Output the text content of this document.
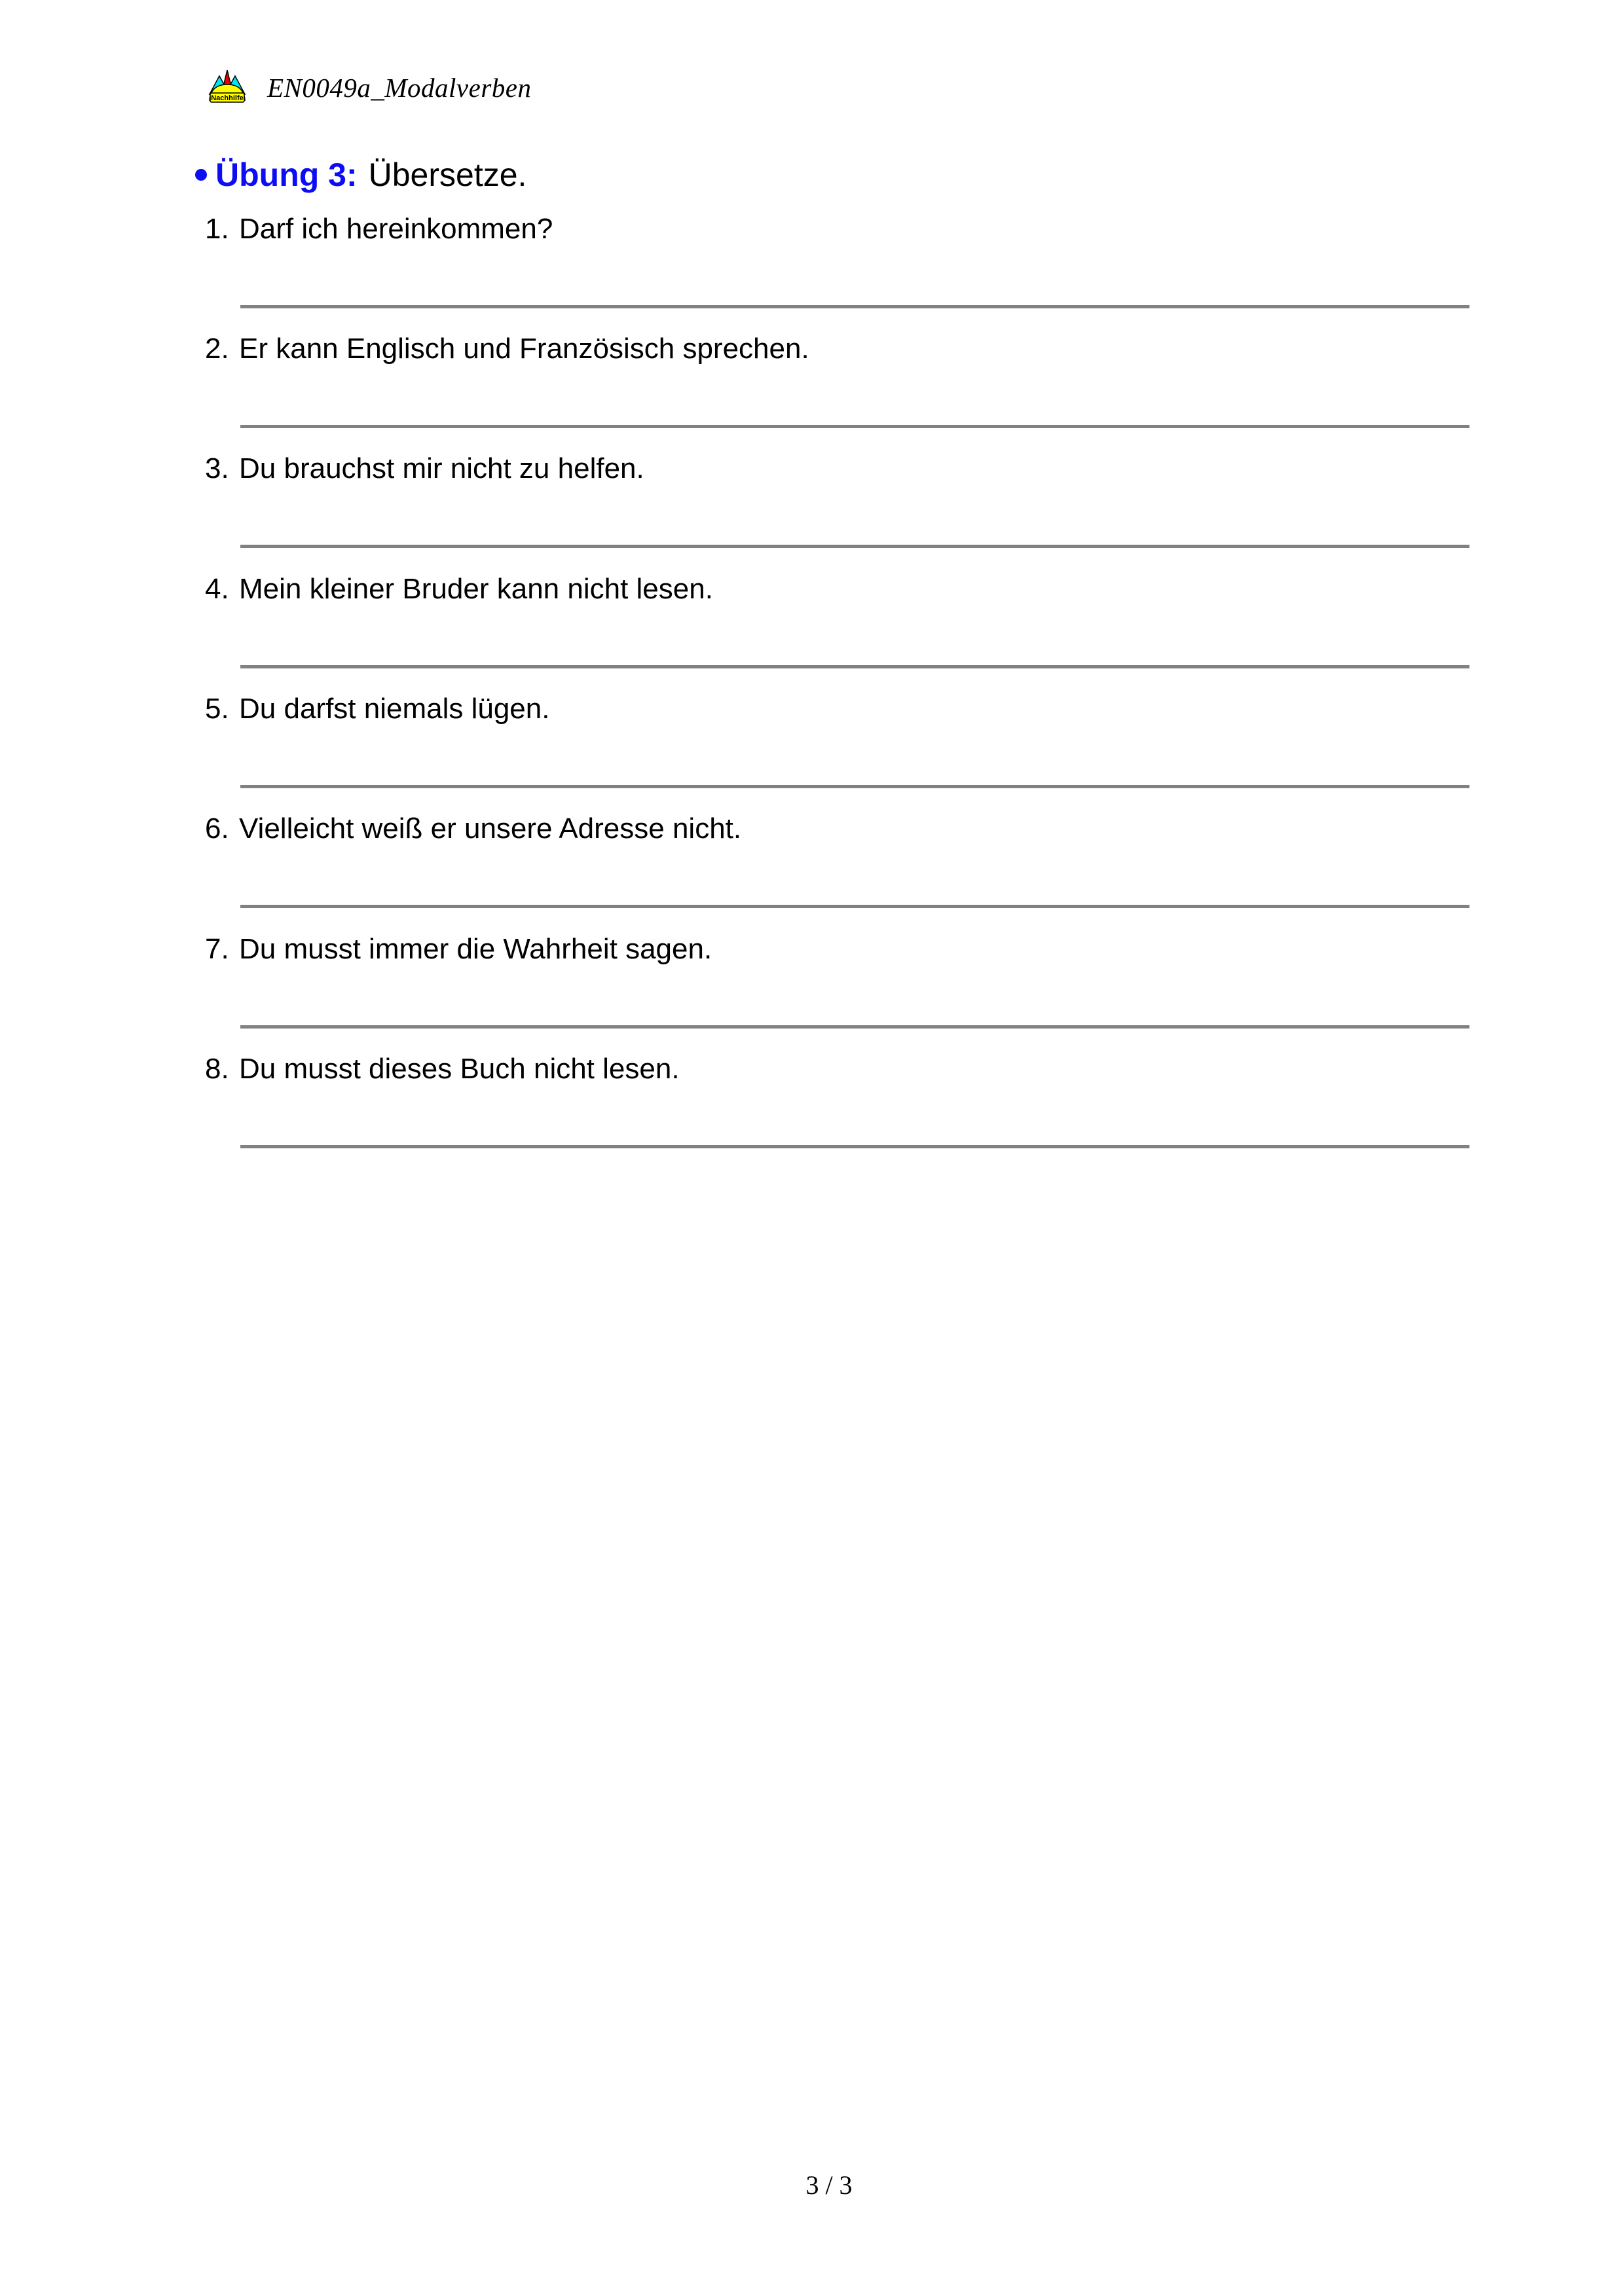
Nachhilfe EN0049a_Modalverben
Übung 3: Übersetze.
1. Darf ich hereinkommen?
2. Er kann Englisch und Französisch sprechen.
3. Du brauchst mir nicht zu helfen.
4. Mein kleiner Bruder kann nicht lesen.
5. Du darfst niemals lügen.
6. Vielleicht weiß er unsere Adresse nicht.
7. Du musst immer die Wahrheit sagen.
8. Du musst dieses Buch nicht lesen.
3 / 3
